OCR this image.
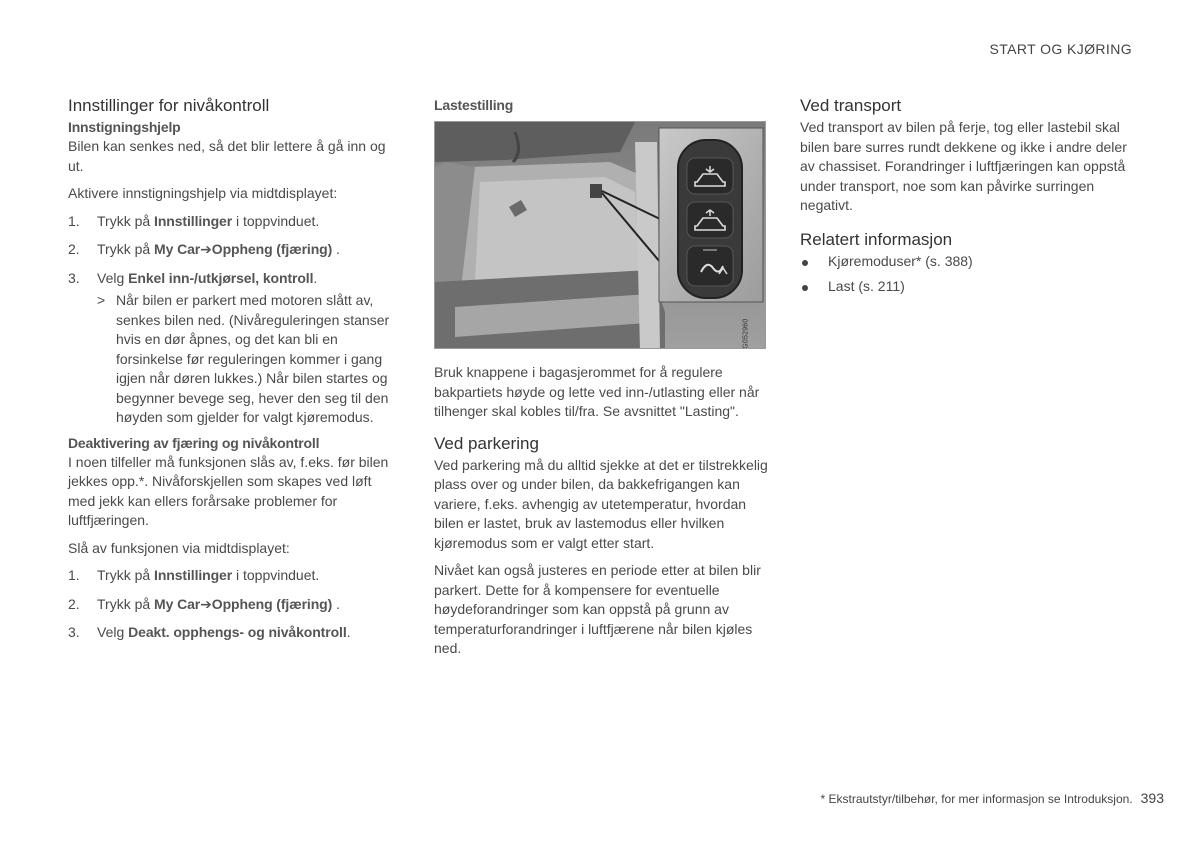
START OG KJØRING
Innstillinger for nivåkontroll
Innstigningshjelp

Bilen kan senkes ned, så det blir lettere å gå inn og ut.

Aktivere innstigningshjelp via midtdisplayet:

1. Trykk på Innstillinger i toppvinduet.
2. Trykk på My Car➔Oppheng (fjæring) .
3. Velg Enkel inn-/utkjørsel, kontroll.
> Når bilen er parkert med motoren slått av, senkes bilen ned. (Nivåreguleringen stanser hvis en dør åpnes, og det kan bli en forsinkelse før reguleringen kommer i gang igjen når døren lukkes.) Når bilen startes og begynner bevege seg, hever den seg til den høyden som gjelder for valgt kjøremodus.
Deaktivering av fjæring og nivåkontroll

I noen tilfeller må funksjonen slås av, f.eks. før bilen jekkes opp.*. Nivåforskjellen som skapes ved løft med jekk kan ellers forårsake problemer for luftfjæringen.

Slå av funksjonen via midtdisplayet:

1. Trykk på Innstillinger i toppvinduet.
2. Trykk på My Car➔Oppheng (fjæring) .
3. Velg Deakt. opphengs- og nivåkontroll.
Lastestilling
G052960

Bruk knappene i bagasjerommet for å regulere bakpartiets høyde og lette ved inn-/utlasting eller når tilhenger skal kobles til/fra. Se avsnittet "Lasting".

Ved parkering

Ved parkering må du alltid sjekke at det er tilstrekkelig plass over og under bilen, da bakkefrigangen kan variere, f.eks. avhengig av utetemperatur, hvordan bilen er lastet, bruk av lastemodus eller hvilken kjøremodus som er valgt etter start.

Nivået kan også justeres en periode etter at bilen blir parkert. Dette for å kompensere for eventuelle høydeforandringer som kan oppstå på grunn av temperaturforandringer i luftfjærene når bilen kjøles ned.

Ved transport

Ved transport av bilen på ferje, tog eller lastebil skal bilen bare surres rundt dekkene og ikke i andre deler av chassiset. Forandringer i luftfjæringen kan oppstå under transport, noe som kan påvirke surringen negativt.

Relatert informasjon
Kjøremoduser* (s. 388)
Last (s. 211)
* Ekstrautstyr/tilbehør, for mer informasjon se Introduksjon. 393
